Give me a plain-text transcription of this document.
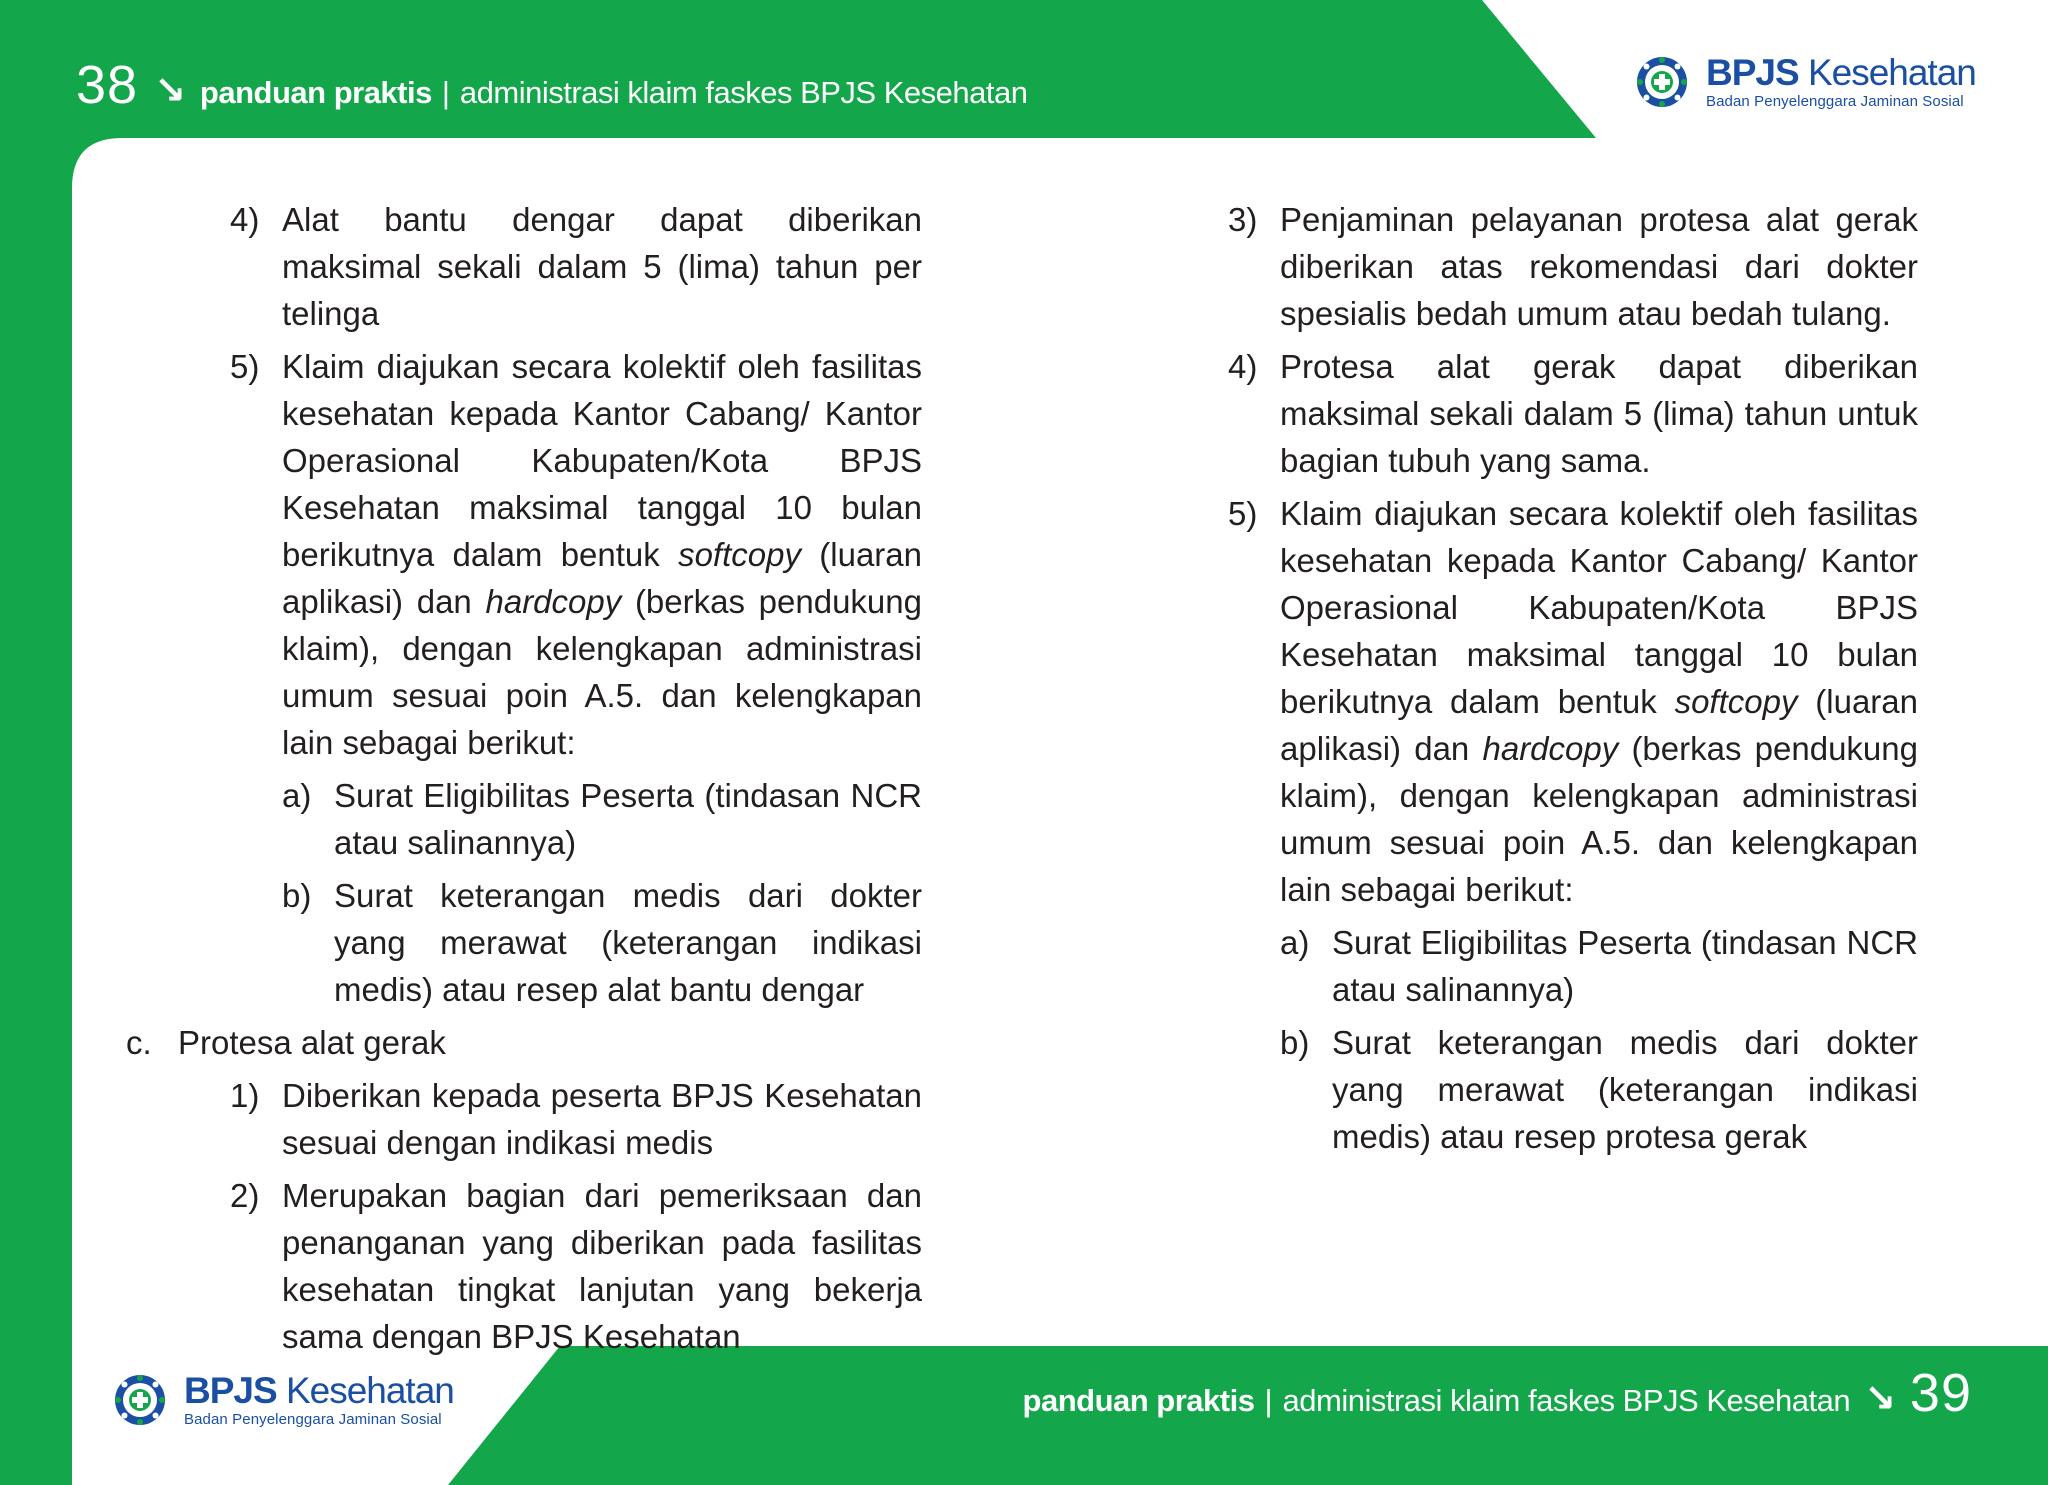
38 ↘ panduan praktis | administrasi klaim faskes BPJS Kesehatan	BPJS Kesehatan
Badan Penyelenggara Jaminan Sosial
4) Alat bantu dengar dapat diberikan maksimal sekali dalam 5 (lima) tahun per telinga
5) Klaim diajukan secara kolektif oleh fasilitas kesehatan kepada Kantor Cabang/ Kantor Operasional Kabupaten/Kota BPJS Kesehatan maksimal tanggal 10 bulan berikutnya dalam bentuk softcopy (luaran aplikasi) dan hardcopy (berkas pendukung klaim), dengan kelengkapan administrasi umum sesuai poin A.5. dan kelengkapan lain sebagai berikut:
a) Surat Eligibilitas Peserta (tindasan NCR atau salinannya)
b) Surat keterangan medis dari dokter yang merawat (keterangan indikasi medis) atau resep alat bantu dengar
c. Protesa alat gerak
1) Diberikan kepada peserta BPJS Kesehatan sesuai dengan indikasi medis
2) Merupakan bagian dari pemeriksaan dan penanganan yang diberikan pada fasilitas kesehatan tingkat lanjutan yang bekerja sama dengan BPJS Kesehatan
3) Penjaminan pelayanan protesa alat gerak diberikan atas rekomendasi dari dokter spesialis bedah umum atau bedah tulang.
4) Protesa alat gerak dapat diberikan maksimal sekali dalam 5 (lima) tahun untuk bagian tubuh yang sama.
5) Klaim diajukan secara kolektif oleh fasilitas kesehatan kepada Kantor Cabang/ Kantor Operasional Kabupaten/Kota BPJS Kesehatan maksimal tanggal 10 bulan berikutnya dalam bentuk softcopy (luaran aplikasi) dan hardcopy (berkas pendukung klaim), dengan kelengkapan administrasi umum sesuai poin A.5. dan kelengkapan lain sebagai berikut:
a) Surat Eligibilitas Peserta (tindasan NCR atau salinannya)
b) Surat keterangan medis dari dokter yang merawat (keterangan indikasi medis) atau resep protesa gerak
BPJS Kesehatan
Badan Penyelenggara Jaminan Sosial
panduan praktis | administrasi klaim faskes BPJS Kesehatan ↘ 39
